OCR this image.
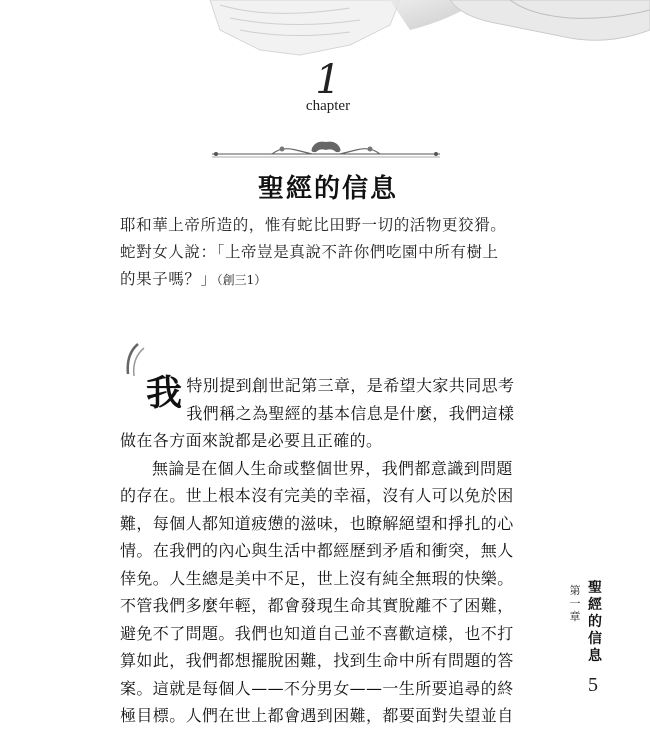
1
chapter
聖經的信息
耶和華上帝所造的，惟有蛇比田野一切的活物更狡猾。
蛇對女人說：「上帝豈是真說不許你們吃園中所有樹上
的果子嗎？」（創三1）

我特別提到創世記第三章，是希望大家共同思考我們稱之為聖經的基本信息是什麼，我們這樣做在各方面來說都是必要且正確的。

無論是在個人生命或整個世界，我們都意識到問題的存在。世上根本沒有完美的幸福，沒有人可以免於困難，每個人都知道疲憊的滋味，也瞭解絕望和掙扎的心情。在我們的內心與生活中都經歷到矛盾和衝突，無人倖免。人生總是美中不足，世上沒有純全無瑕的快樂。不管我們多麼年輕，都會發現生命其實脫離不了困難，避免不了問題。我們也知道自己並不喜歡這樣，也不打算如此，我們都想擺脫困難，找到生命中所有問題的答案。這就是每個人——不分男女——一生所要追尋的終極目標。人們在世上都會遇到困難，都要面對失望並自

第一章
聖經的信息
5
